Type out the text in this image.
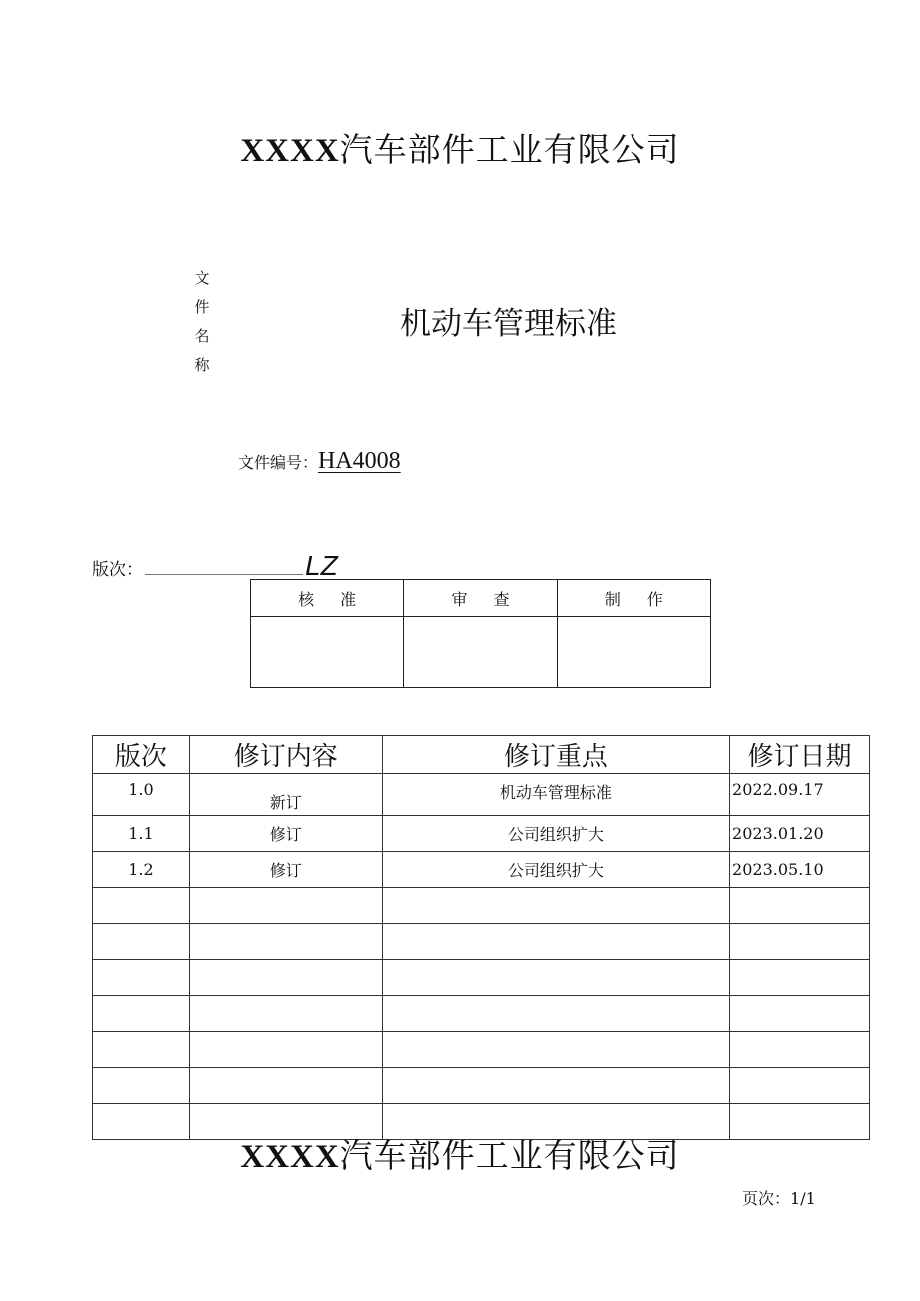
XXXX汽车部件工业有限公司
文
件
名
称
机动车管理标准
文件编号：HA4008
版次：	LZ
核准	审查	制作

版次	修订内容	修订重点	修订日期
1.0	新订	机动车管理标准	2022.09.17
1.1	修订	公司组织扩大	2023.01.20
1.2	修订	公司组织扩大	2023.05.10

XXXX汽车部件工业有限公司
页次：1/1
